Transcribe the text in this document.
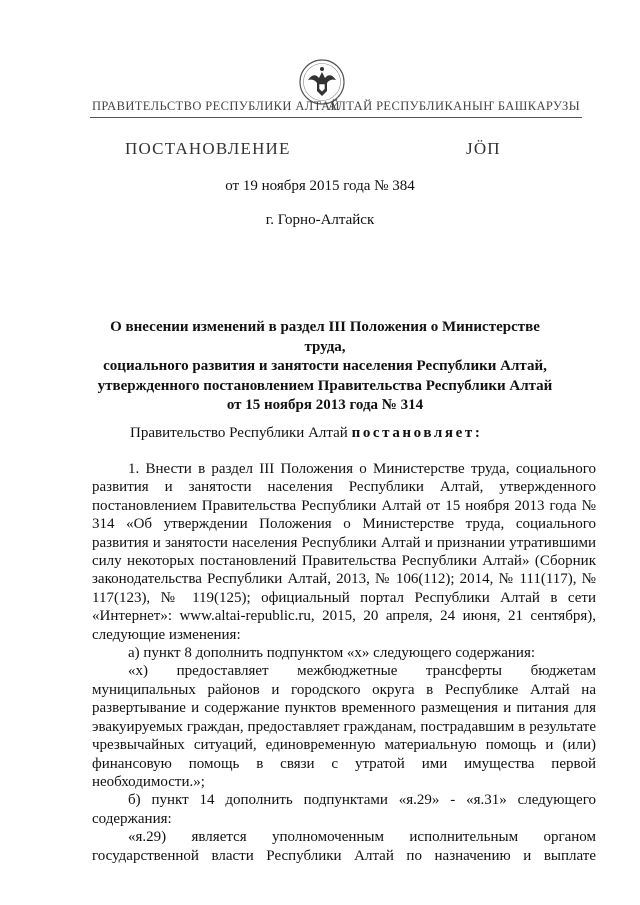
ПРАВИТЕЛЬСТВО РЕСПУБЛИКИ АЛТАЙ
АЛТАЙ РЕСПУБЛИКАНЫҤ БАШКАРУЗЫ
ПОСТАНОВЛЕНИЕ	JÖП
от 19 ноября 2015 года № 384
г. Горно-Алтайск
О внесении изменений в раздел III Положения о Министерстве труда,
социального развития и занятости населения Республики Алтай,
утвержденного постановлением Правительства Республики Алтай
от 15 ноября 2013 года № 314
Правительство Республики Алтай постановляет:

1. Внести в раздел III Положения о Министерстве труда, социального развития и занятости населения Республики Алтай, утвержденного постановлением Правительства Республики Алтай от 15 ноября 2013 года № 314 «Об утверждении Положения о Министерстве труда, социального развития и занятости населения Республики Алтай и признании утратившими силу некоторых постановлений Правительства Республики Алтай» (Сборник законодательства Республики Алтай, 2013, № 106(112); 2014, № 111(117), № 117(123), № 119(125); официальный портал Республики Алтай в сети «Интернет»: www.altai-republic.ru, 2015, 20 апреля, 24 июня, 21 сентября), следующие изменения:

а) пункт 8 дополнить подпунктом «х» следующего содержания:

«х) предоставляет межбюджетные трансферты бюджетам муниципальных районов и городского округа в Республике Алтай на развертывание и содержание пунктов временного размещения и питания для эвакуируемых граждан, предоставляет гражданам, пострадавшим в результате чрезвычайных ситуаций, единовременную материальную помощь и (или) финансовую помощь в связи с утратой ими имущества первой необходимости.»;

б) пункт 14 дополнить подпунктами «я.29» - «я.31» следующего содержания:

«я.29) является уполномоченным исполнительным органом государственной власти Республики Алтай по назначению и выплате
